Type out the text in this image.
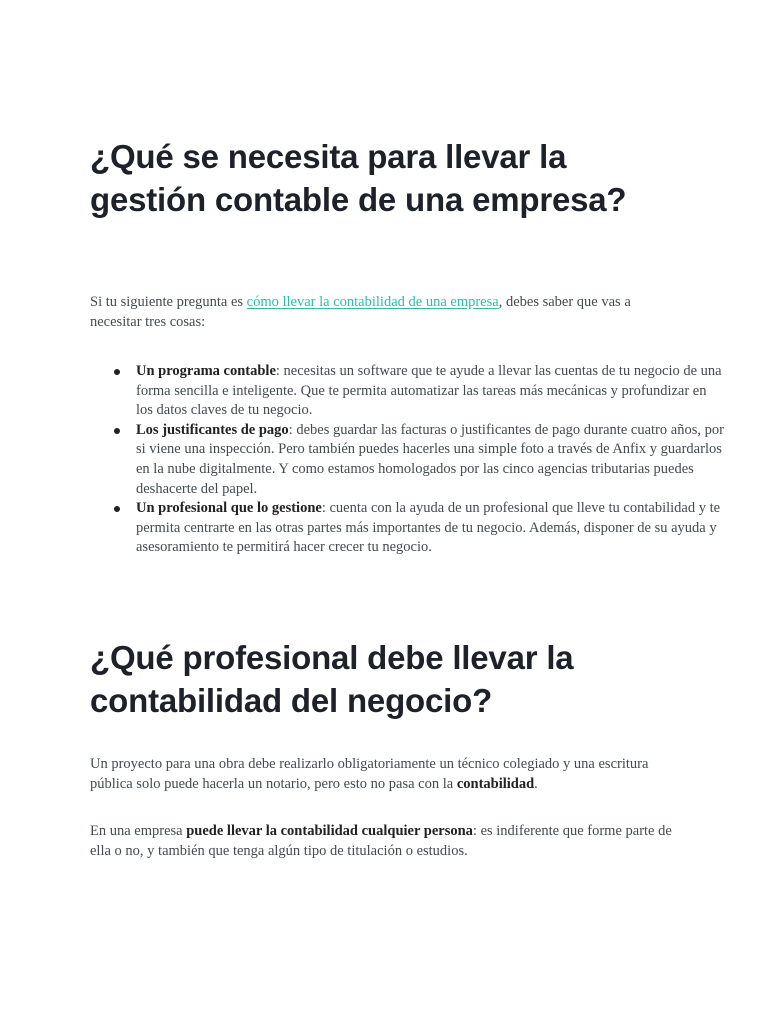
¿Qué se necesita para llevar la gestión contable de una empresa?

Si tu siguiente pregunta es cómo llevar la contabilidad de una empresa, debes saber que vas a necesitar tres cosas:

Un programa contable: necesitas un software que te ayude a llevar las cuentas de tu negocio de una forma sencilla e inteligente. Que te permita automatizar las tareas más mecánicas y profundizar en los datos claves de tu negocio.
Los justificantes de pago: debes guardar las facturas o justificantes de pago durante cuatro años, por si viene una inspección. Pero también puedes hacerles una simple foto a través de Anfix y guardarlos en la nube digitalmente. Y como estamos homologados por las cinco agencias tributarias puedes deshacerte del papel.
Un profesional que lo gestione: cuenta con la ayuda de un profesional que lleve tu contabilidad y te permita centrarte en las otras partes más importantes de tu negocio. Además, disponer de su ayuda y asesoramiento te permitirá hacer crecer tu negocio.
¿Qué profesional debe llevar la contabilidad del negocio?

Un proyecto para una obra debe realizarlo obligatoriamente un técnico colegiado y una escritura pública solo puede hacerla un notario, pero esto no pasa con la contabilidad.

En una empresa puede llevar la contabilidad cualquier persona: es indiferente que forme parte de ella o no, y también que tenga algún tipo de titulación o estudios.
